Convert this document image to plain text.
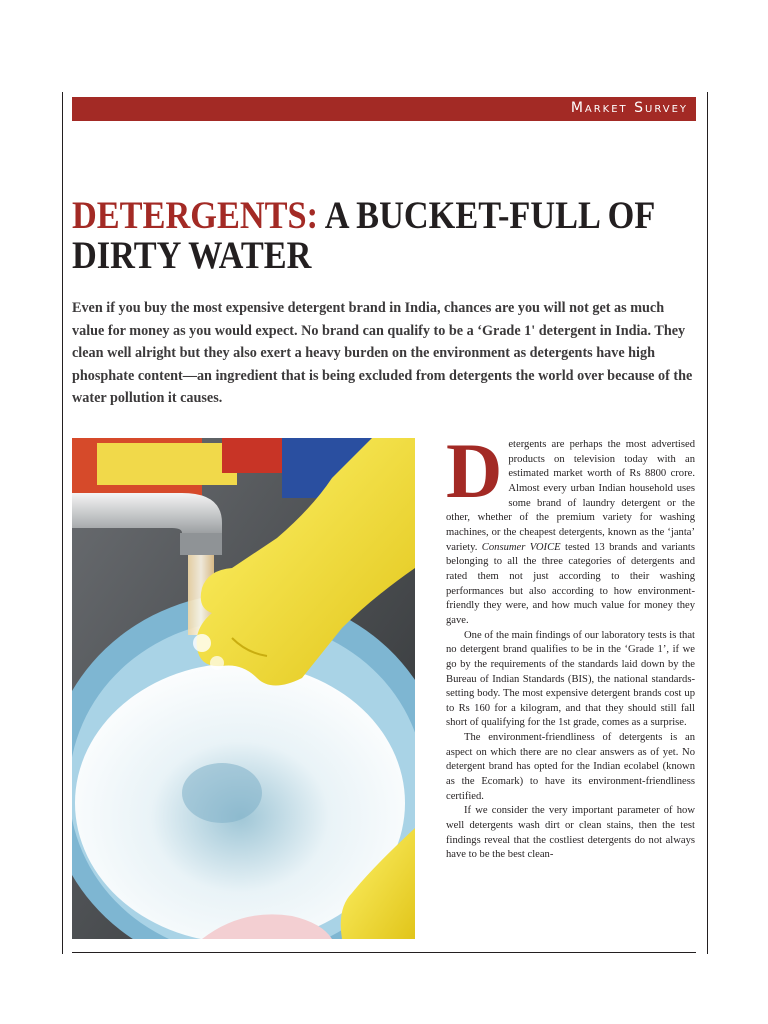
Market Survey
DETERGENTS: A BUCKET-FULL OF
DIRTY WATER

Even if you buy the most expensive detergent brand in India, chances are you will not get as much value for money as you would expect. No brand can qualify to be a ‘Grade 1' detergent in India. They clean well alright but they also exert a heavy burden on the environment as detergents have high phosphate content—an ingredient that is being excluded from detergents the world over because of the water pollution it causes.

Detergents are perhaps the most advertised products on television today with an estimated market worth of Rs 8800 crore. Almost every urban Indian household uses some brand of laundry detergent or the other, whether of the premium variety for washing machines, or the cheapest detergents, known as the ‘janta’ variety. Consumer VOICE tested 13 brands and variants belonging to all the three categories of detergents and rated them not just according to their washing performances but also according to how environment-friendly they were, and how much value for money they gave.

One of the main findings of our laboratory tests is that no detergent brand qualifies to be in the ‘Grade 1’, if we go by the requirements of the standards laid down by the Bureau of Indian Standards (BIS), the national standards-setting body. The most expensive detergent brands cost up to Rs 160 for a kilogram, and that they should still fall short of qualifying for the 1st grade, comes as a surprise.

The environment-friendliness of detergents is an aspect on which there are no clear answers as of yet. No detergent brand has opted for the Indian ecolabel (known as the Ecomark) to have its environment-friendliness certified.

If we consider the very important parameter of how well detergents wash dirt or clean stains, then the test findings reveal that the costliest detergents do not always have to be the best clean-
